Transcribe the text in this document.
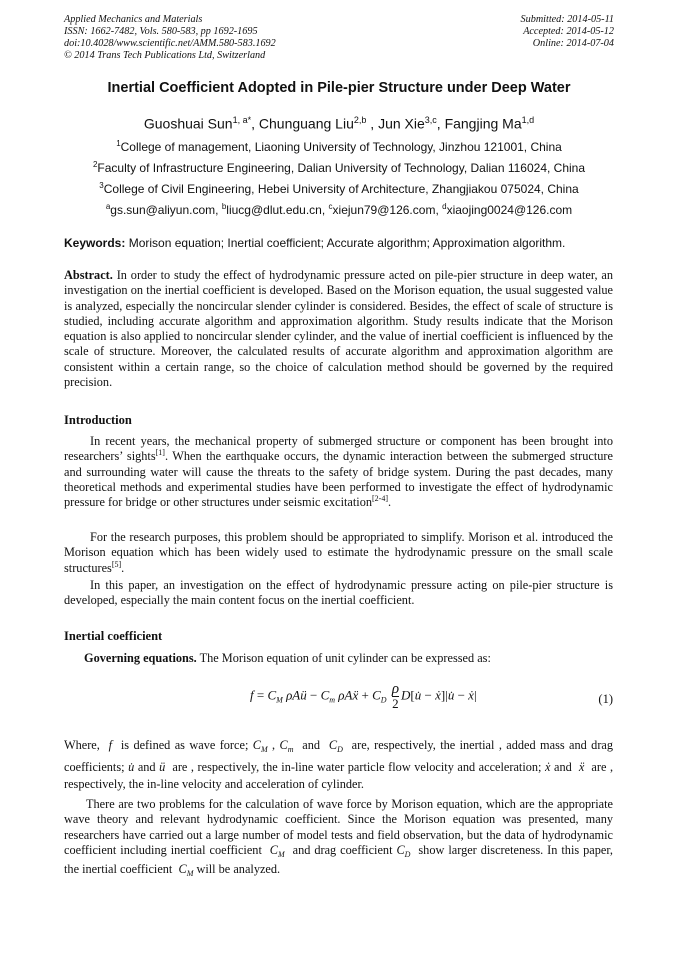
Applied Mechanics and Materials
ISSN: 1662-7482, Vols. 580-583, pp 1692-1695
doi:10.4028/www.scientific.net/AMM.580-583.1692
© 2014 Trans Tech Publications Ltd, Switzerland
Submitted: 2014-05-11
Accepted: 2014-05-12
Online: 2014-07-04
Inertial Coefficient Adopted in Pile-pier Structure under Deep Water
Guoshuai Sun$^{1, a*}$, Chunguang Liu$^{2,b}$ , Jun Xie$^{3,c}$, Fangjing Ma$^{1,d}$
$^1$College of management, Liaoning University of Technology, Jinzhou 121001, China
$^2$Faculty of Infrastructure Engineering, Dalian University of Technology, Dalian 116024, China
$^3$College of Civil Engineering, Hebei University of Architecture, Zhangjiakou 075024, China
$^a$gs.sun@aliyun.com, $^b$liucg@dlut.edu.cn, $^c$xiejun79@126.com, $^d$xiaojing0024@126.com
Keywords: Morison equation; Inertial coefficient; Accurate algorithm; Approximation algorithm.
Abstract. In order to study the effect of hydrodynamic pressure acted on pile-pier structure in deep water, an investigation on the inertial coefficient is developed. Based on the Morison equation, the usual suggested value is analyzed, especially the noncircular slender cylinder is considered. Besides, the effect of scale of structure is studied, including accurate algorithm and approximation algorithm. Study results indicate that the Morison equation is also applied to noncircular slender cylinder, and the value of inertial coefficient is influenced by the scale of structure. Moreover, the calculated results of accurate algorithm and approximation algorithm are consistent within a certain range, so the choice of calculation method should be governed by the required precision.
Introduction
In recent years, the mechanical property of submerged structure or component has been brought into researchers’ sights[1]. When the earthquake occurs, the dynamic interaction between the submerged structure and surrounding water will cause the threats to the safety of bridge system. During the past decades, many theoretical methods and experimental studies have been performed to investigate the effect of hydrodynamic pressure for bridge or other structures under seismic excitation[2-4].
For the research purposes, this problem should be appropriated to simplify. Morison et al. introduced the Morison equation which has been widely used to estimate the hydrodynamic pressure on the small scale structures[5].
In this paper, an investigation on the effect of hydrodynamic pressure acting on pile-pier structure is developed, especially the main content focus on the inertial coefficient.
Inertial coefficient
Governing equations. The Morison equation of unit cylinder can be expressed as:
$f = C_M$ ρAü − $C_m$ ρAẍ + $C_D \frac{\rho}{2}$ D[u̇ − ẋ]|u̇ − ẋ|	(1)
Where, f is defined as wave force; $C_M$ , $C_m$ and $C_D$ are, respectively, the inertial , added mass and drag coefficients; u̇ and ü are , respectively, the in-line water particle flow velocity and acceleration; ẋ and ẍ are , respectively, the in-line velocity and acceleration of cylinder.
There are two problems for the calculation of wave force by Morison equation, which are the appropriate wave theory and relevant hydrodynamic coefficient. Since the Morison equation was presented, many researchers have carried out a large number of model tests and field observation, but the data of hydrodynamic coefficient including inertial coefficient $C_M$ and drag coefficient $C_D$ show larger discreteness. In this paper, the inertial coefficient $C_M$ will be analyzed.
